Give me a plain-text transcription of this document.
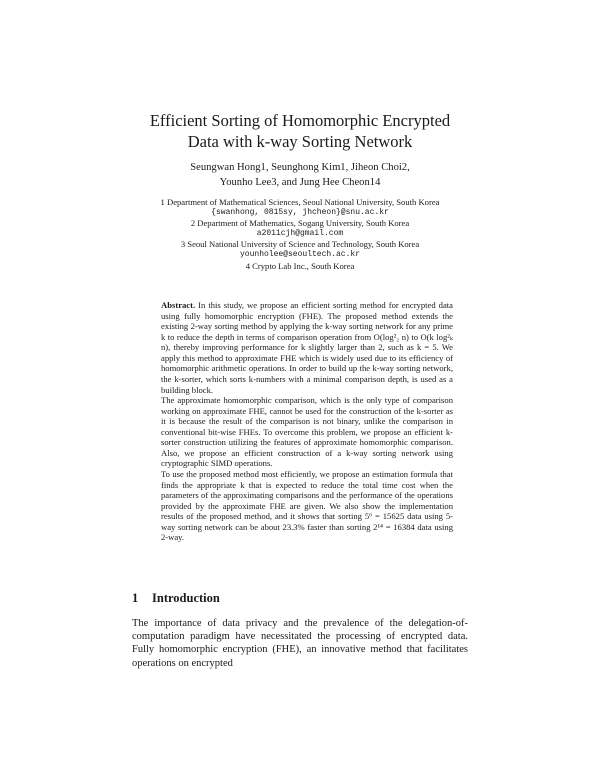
Efficient Sorting of Homomorphic Encrypted
Data with k-way Sorting Network
Seungwan Hong1, Seunghong Kim1, Jiheon Choi2,
Younho Lee3, and Jung Hee Cheon14
1 Department of Mathematical Sciences, Seoul National University, South Korea
{swanhong, 0815sy, jhcheon}@snu.ac.kr
2 Department of Mathematics, Sogang University, South Korea
a2011cjh@gmail.com
3 Seoul National University of Science and Technology, South Korea
younholee@seoultech.ac.kr
4 Crypto Lab Inc., South Korea

Abstract. In this study, we propose an efficient sorting method for encrypted data using fully homomorphic encryption (FHE). The proposed method extends the existing 2-way sorting method by applying the k-way sorting network for any prime k to reduce the depth in terms of comparison operation from O(log²₂ n) to O(k log²ₖ n), thereby improving performance for k slightly larger than 2, such as k = 5. We apply this method to approximate FHE which is widely used due to its efficiency of homomorphic arithmetic operations. In order to build up the k-way sorting network, the k-sorter, which sorts k-numbers with a minimal comparison depth, is used as a building block.

The approximate homomorphic comparison, which is the only type of comparison working on approximate FHE, cannot be used for the construction of the k-sorter as it is because the result of the comparison is not binary, unlike the comparison in conventional bit-wise FHEs. To overcome this problem, we propose an efficient k-sorter construction utilizing the features of approximate homomorphic comparison. Also, we propose an efficient construction of a k-way sorting network using cryptographic SIMD operations.

To use the proposed method most efficiently, we propose an estimation formula that finds the appropriate k that is expected to reduce the total time cost when the parameters of the approximating comparisons and the performance of the operations provided by the approximate FHE are given. We also show the implementation results of the proposed method, and it shows that sorting 5⁶ = 15625 data using 5-way sorting network can be about 23.3% faster than sorting 2¹⁴ = 16384 data using 2-way.

1 Introduction

The importance of data privacy and the prevalence of the delegation-of-computation paradigm have necessitated the processing of encrypted data. Fully homomorphic encryption (FHE), an innovative method that facilitates operations on encrypted
